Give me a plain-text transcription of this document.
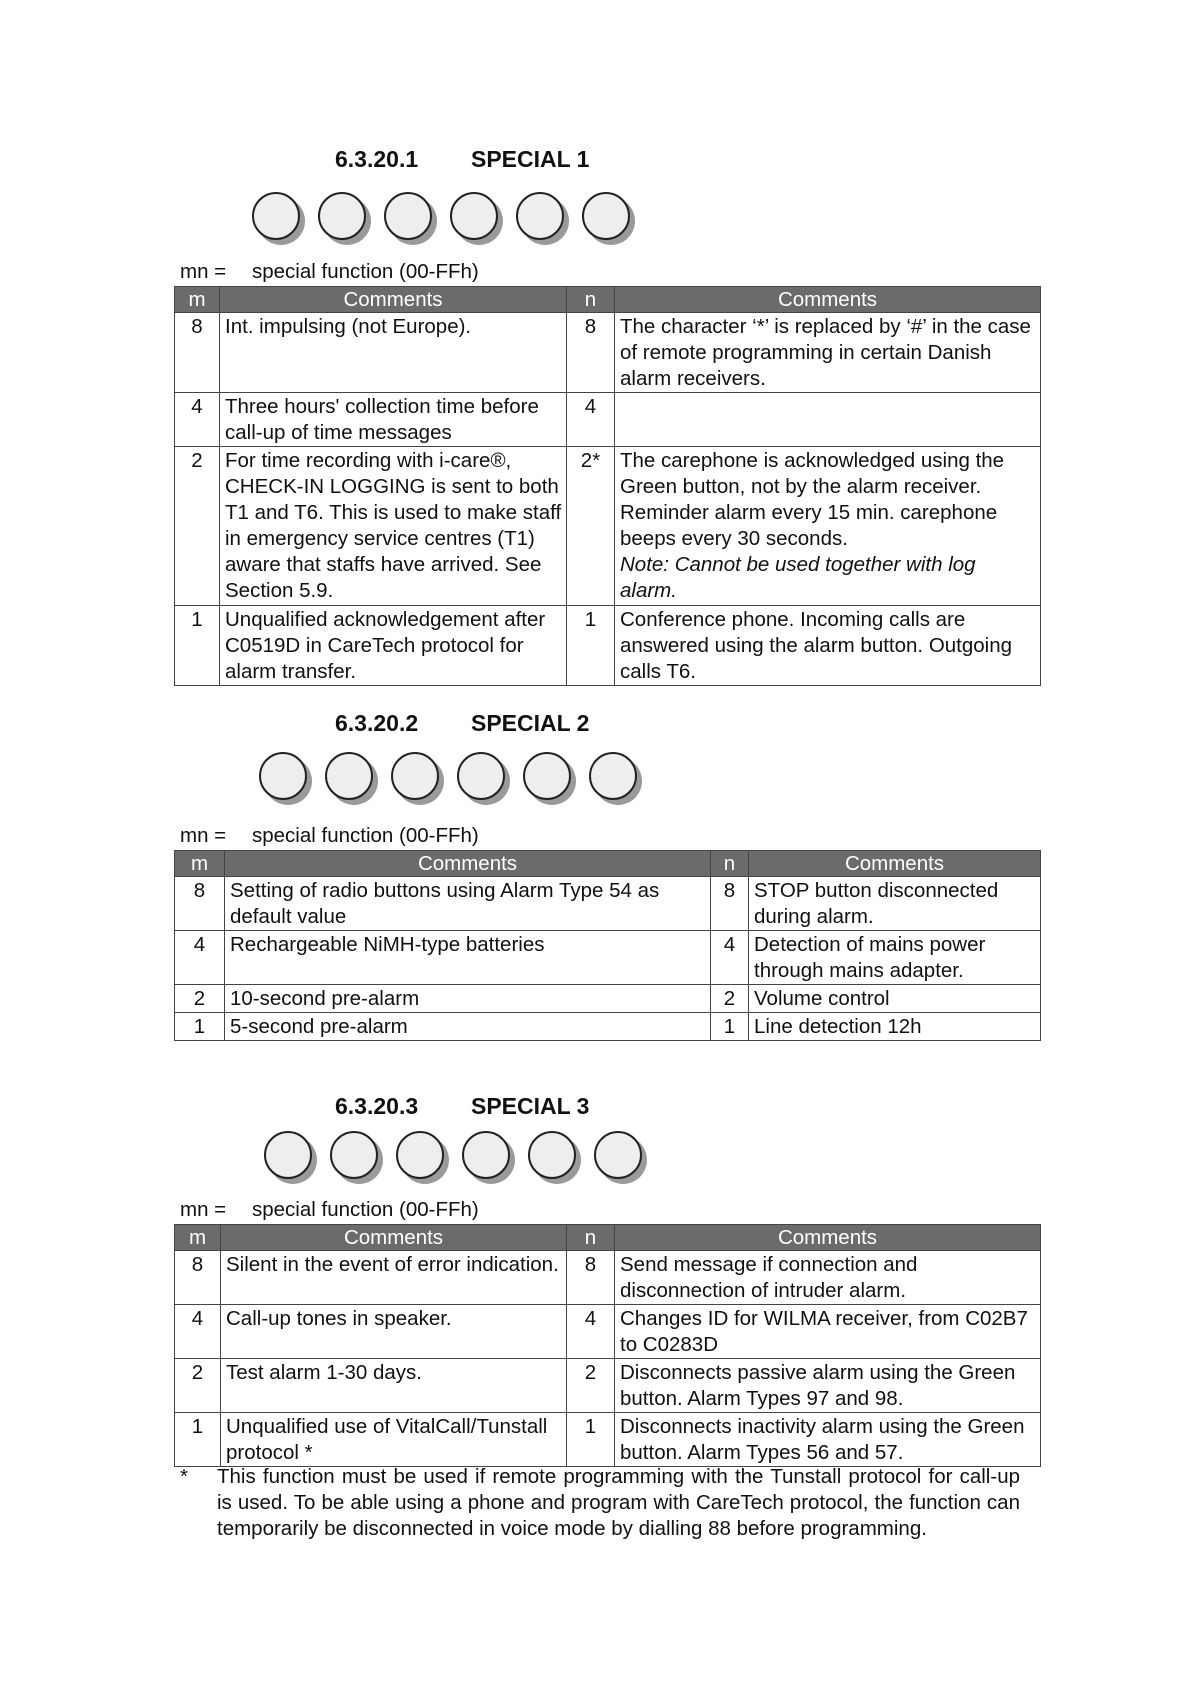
6.3.20.1 SPECIAL 1
mn = special function (00-FFh)
m	Comments	n	Comments
8	Int. impulsing (not Europe).	8	The character ‘*’ is replaced by ‘#’ in the case of remote programming in certain Danish alarm receivers.
4	Three hours' collection time before call-up of time messages	4	
2	For time recording with i-care®, CHECK-IN LOGGING is sent to both T1 and T6. This is used to make staff in emergency service centres (T1) aware that staffs have arrived. See Section 5.9.	2*	The carephone is acknowledged using the Green button, not by the alarm receiver. Reminder alarm every 15 min. carephone beeps every 30 seconds.
Note: Cannot be used together with log alarm.
1	Unqualified acknowledgement after C0519D in CareTech protocol for alarm transfer.	1	Conference phone. Incoming calls are answered using the alarm button. Outgoing calls T6.
6.3.20.2 SPECIAL 2
mn = special function (00-FFh)
m	Comments	n	Comments
8	Setting of radio buttons using Alarm Type 54 as default value	8	STOP button disconnected during alarm.
4	Rechargeable NiMH-type batteries	4	Detection of mains power through mains adapter.
2	10-second pre-alarm	2	Volume control
1	5-second pre-alarm	1	Line detection 12h
6.3.20.3 SPECIAL 3
mn = special function (00-FFh)
m	Comments	n	Comments
8	Silent in the event of error indication.	8	Send message if connection and disconnection of intruder alarm.
4	Call-up tones in speaker.	4	Changes ID for WILMA receiver, from C02B7 to C0283D
2	Test alarm 1-30 days.	2	Disconnects passive alarm using the Green button. Alarm Types 97 and 98.
1	Unqualified use of VitalCall/Tunstall protocol *	1	Disconnects inactivity alarm using the Green button. Alarm Types 56 and 57.
* This function must be used if remote programming with the Tunstall protocol for call-up is used. To be able using a phone and program with CareTech protocol, the function can temporarily be disconnected in voice mode by dialling 88 before programming.
